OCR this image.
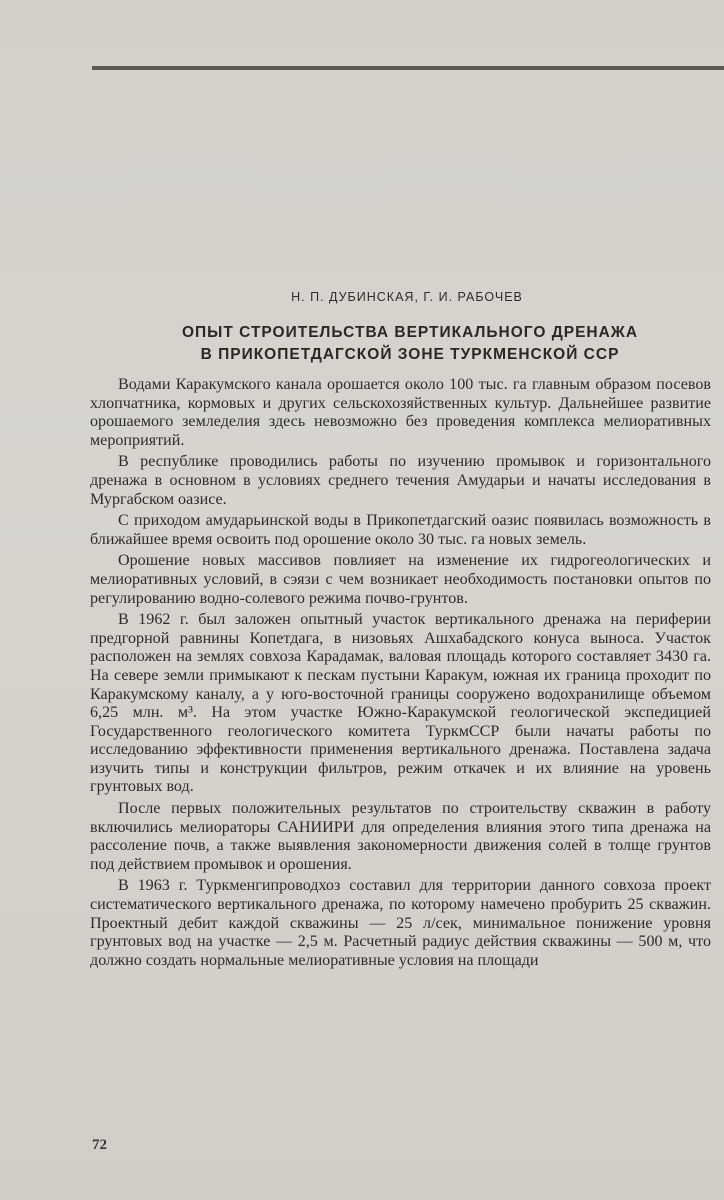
Н. П. ДУБИНСКАЯ, Г. И. РАБОЧЕВ
ОПЫТ СТРОИТЕЛЬСТВА ВЕРТИКАЛЬНОГО ДРЕНАЖА
В ПРИКОПЕТДАГСКОЙ ЗОНЕ ТУРКМЕНСКОЙ ССР

Водами Каракумского канала орошается около 100 тыс. га главным образом посевов хлопчатника, кормовых и других сельскохозяйственных культур. Дальнейшее развитие орошаемого земледелия здесь невозможно без проведения комплекса мелиоративных мероприятий.

В республике проводились работы по изучению промывок и горизонтального дренажа в основном в условиях среднего течения Амударьи и начаты исследования в Мургабском оазисе.

С приходом амударьинской воды в Прикопетдагский оазис появилась возможность в ближайшее время освоить под орошение около 30 тыс. га новых земель.

Орошение новых массивов повлияет на изменение их гидрогеологических и мелиоративных условий, в сэязи с чем возникает необходимость постановки опытов по регулированию водно-солевого режима почво-грунтов.

В 1962 г. был заложен опытный участок вертикального дренажа на периферии предгорной равнины Копетдага, в низовьях Ашхабадского конуса выноса. Участок расположен на землях совхоза Карадамак, валовая площадь которого составляет 3430 га. На севере земли примыкают к пескам пустыни Каракум, южная их граница проходит по Каракумскому каналу, а у юго-восточной границы сооружено водохранилище объемом 6,25 млн. м³. На этом участке Южно-Каракумской геологической экспедицией Государственного геологического комитета ТуркмССР были начаты работы по исследованию эффективности применения вертикального дренажа. Поставлена задача изучить типы и конструкции фильтров, режим откачек и их влияние на уровень грунтовых вод.

После первых положительных результатов по строительству скважин в работу включились мелиораторы САНИИРИ для определения влияния этого типа дренажа на рассоление почв, а также выявления закономерности движения солей в толще грунтов под действием промывок и орошения.

В 1963 г. Туркменгипроводхоз составил для территории данного совхоза проект систематического вертикального дренажа, по которому намечено пробурить 25 скважин. Проектный дебит каждой скважины — 25 л/сек, минимальное понижение уровня грунтовых вод на участке — 2,5 м. Расчетный радиус действия скважины — 500 м, что должно создать нормальные мелиоративные условия на площади

72
